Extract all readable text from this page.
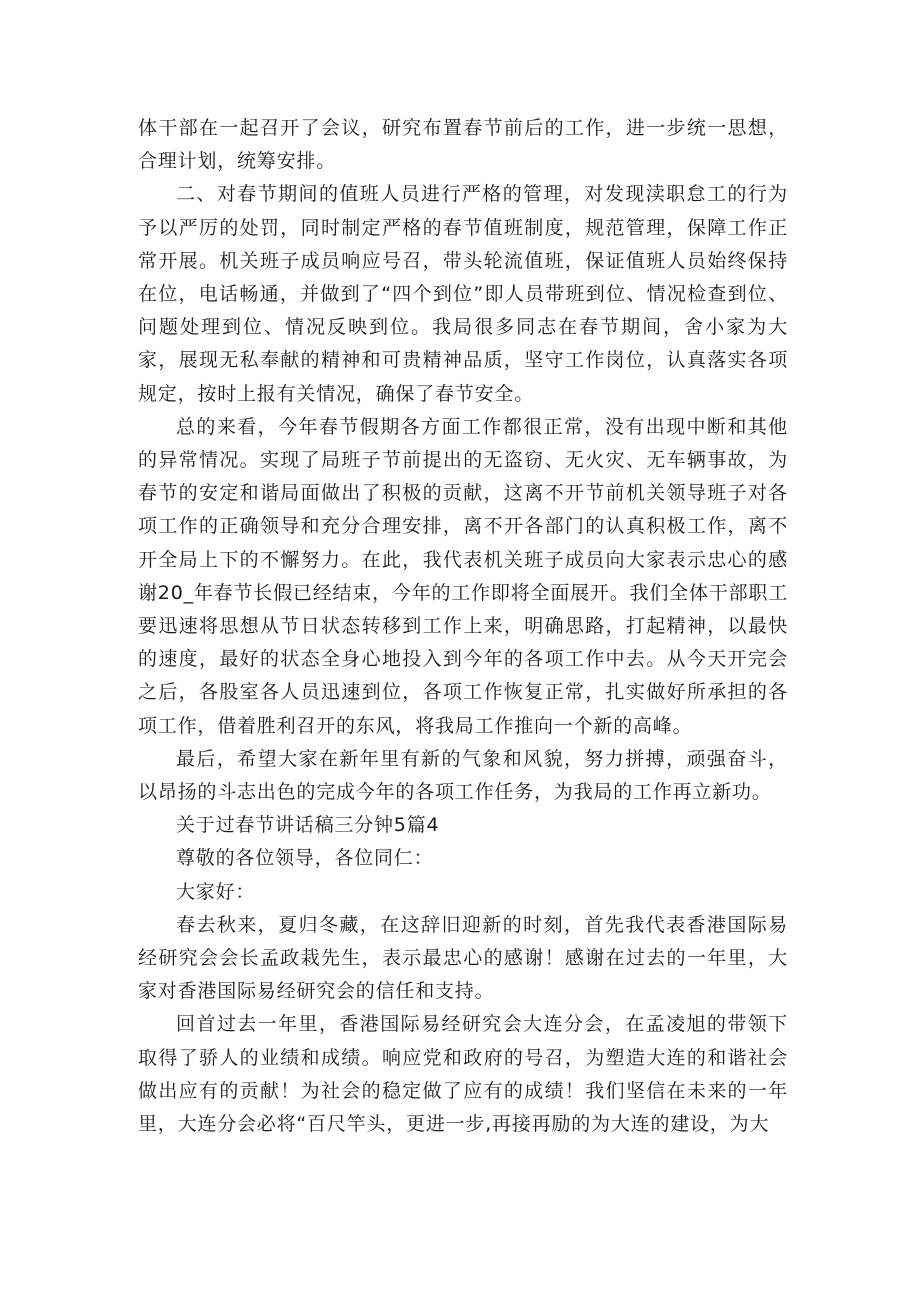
体干部在一起召开了会议，研究布置春节前后的工作，进一步统一思想，合理计划，统筹安排。

二、对春节期间的值班人员进行严格的管理，对发现渎职怠工的行为予以严厉的处罚，同时制定严格的春节值班制度，规范管理，保障工作正常开展。机关班子成员响应号召，带头轮流值班，保证值班人员始终保持在位，电话畅通，并做到了“四个到位”即人员带班到位、情况检查到位、问题处理到位、情况反映到位。我局很多同志在春节期间，舍小家为大家，展现无私奉献的精神和可贵精神品质，坚守工作岗位，认真落实各项规定，按时上报有关情况，确保了春节安全。

总的来看，今年春节假期各方面工作都很正常，没有出现中断和其他的异常情况。实现了局班子节前提出的无盗窃、无火灾、无车辆事故，为春节的安定和谐局面做出了积极的贡献，这离不开节前机关领导班子对各项工作的正确领导和充分合理安排，离不开各部门的认真积极工作，离不开全局上下的不懈努力。在此，我代表机关班子成员向大家表示忠心的感谢20_年春节长假已经结束，今年的工作即将全面展开。我们全体干部职工要迅速将思想从节日状态转移到工作上来，明确思路，打起精神，以最快的速度，最好的状态全身心地投入到今年的各项工作中去。从今天开完会之后，各股室各人员迅速到位，各项工作恢复正常，扎实做好所承担的各项工作，借着胜利召开的东风，将我局工作推向一个新的高峰。

最后，希望大家在新年里有新的气象和风貌，努力拼搏，顽强奋斗，以昂扬的斗志出色的完成今年的各项工作任务，为我局的工作再立新功。

关于过春节讲话稿三分钟5篇4

尊敬的各位领导，各位同仁：

大家好：

春去秋来，夏归冬藏，在这辞旧迎新的时刻，首先我代表香港国际易经研究会会长孟政栽先生，表示最忠心的感谢！感谢在过去的一年里，大家对香港国际易经研究会的信任和支持。

回首过去一年里，香港国际易经研究会大连分会，在孟凌旭的带领下取得了骄人的业绩和成绩。响应党和政府的号召，为塑造大连的和谐社会做出应有的贡献！为社会的稳定做了应有的成绩！我们坚信在未来的一年里，大连分会必将“百尺竿头，更进一步,再接再励的为大连的建设，为大
